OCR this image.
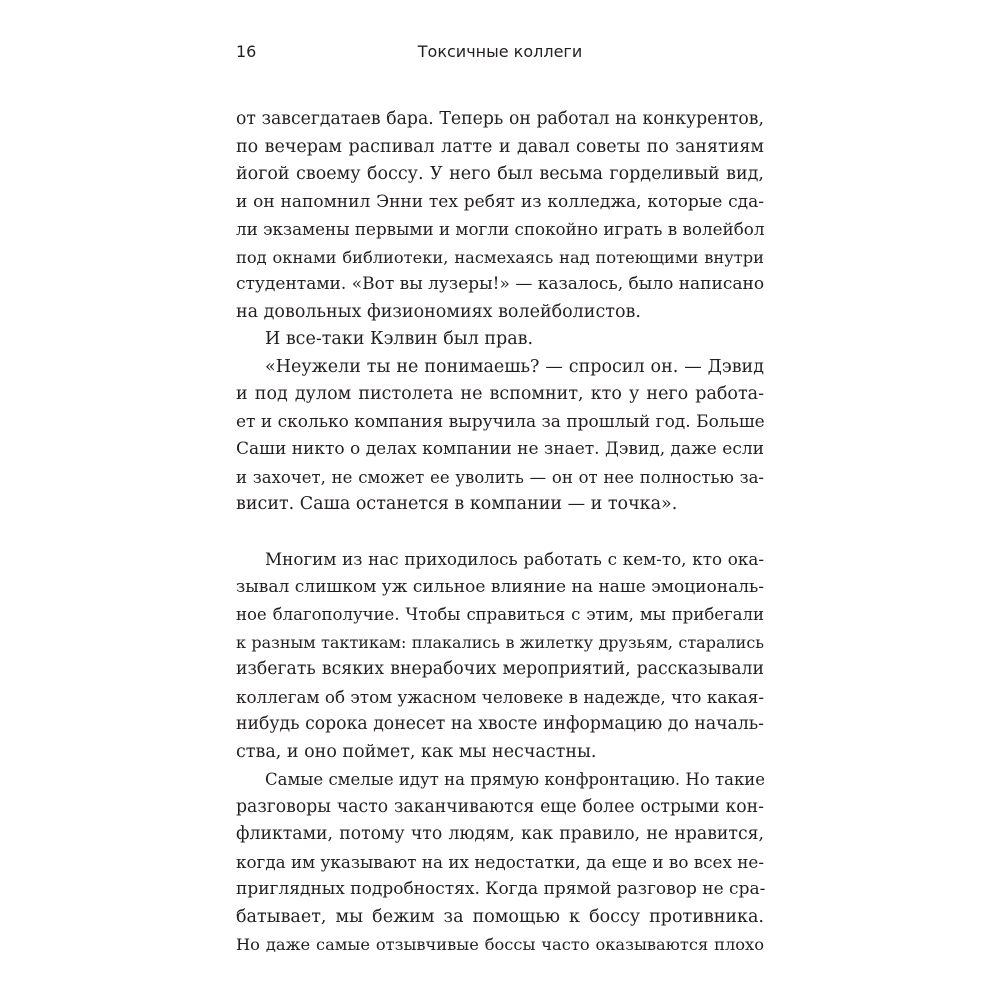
16	Токсичные коллеги
от завсегдатаев бара. Теперь он работал на конкурентов,
по вечерам распивал латте и давал советы по занятиям
йогой своему боссу. У него был весьма горделивый вид,
и он напомнил Энни тех ребят из колледжа, которые сда-
ли экзамены первыми и могли спокойно играть в волейбол
под окнами библиотеки, насмехаясь над потеющими внутри
студентами. «Вот вы лузеры!» — казалось, было написано
на довольных физиономиях волейболистов.
И все-таки Кэлвин был прав.
«Неужели ты не понимаешь? — спросил он. — Дэвид
и под дулом пистолета не вспомнит, кто у него работа-
ет и сколько компания выручила за прошлый год. Больше
Саши никто о делах компании не знает. Дэвид, даже если
и захочет, не сможет ее уволить — он от нее полностью за-
висит. Саша останется в компании — и точка».
Многим из нас приходилось работать с кем-то, кто ока-
зывал слишком уж сильное влияние на наше эмоциональ-
ное благополучие. Чтобы справиться с этим, мы прибегали
к разным тактикам: плакались в жилетку друзьям, старались
избегать всяких внерабочих мероприятий, рассказывали
коллегам об этом ужасном человеке в надежде, что какая-
нибудь сорока донесет на хвосте информацию до началь-
ства, и оно поймет, как мы несчастны.
Самые смелые идут на прямую конфронтацию. Но такие
разговоры часто заканчиваются еще более острыми кон-
фликтами, потому что людям, как правило, не нравится,
когда им указывают на их недостатки, да еще и во всех не-
приглядных подробностях. Когда прямой разговор не сра-
батывает, мы бежим за помощью к боссу противника.
Но даже самые отзывчивые боссы часто оказываются плохо
